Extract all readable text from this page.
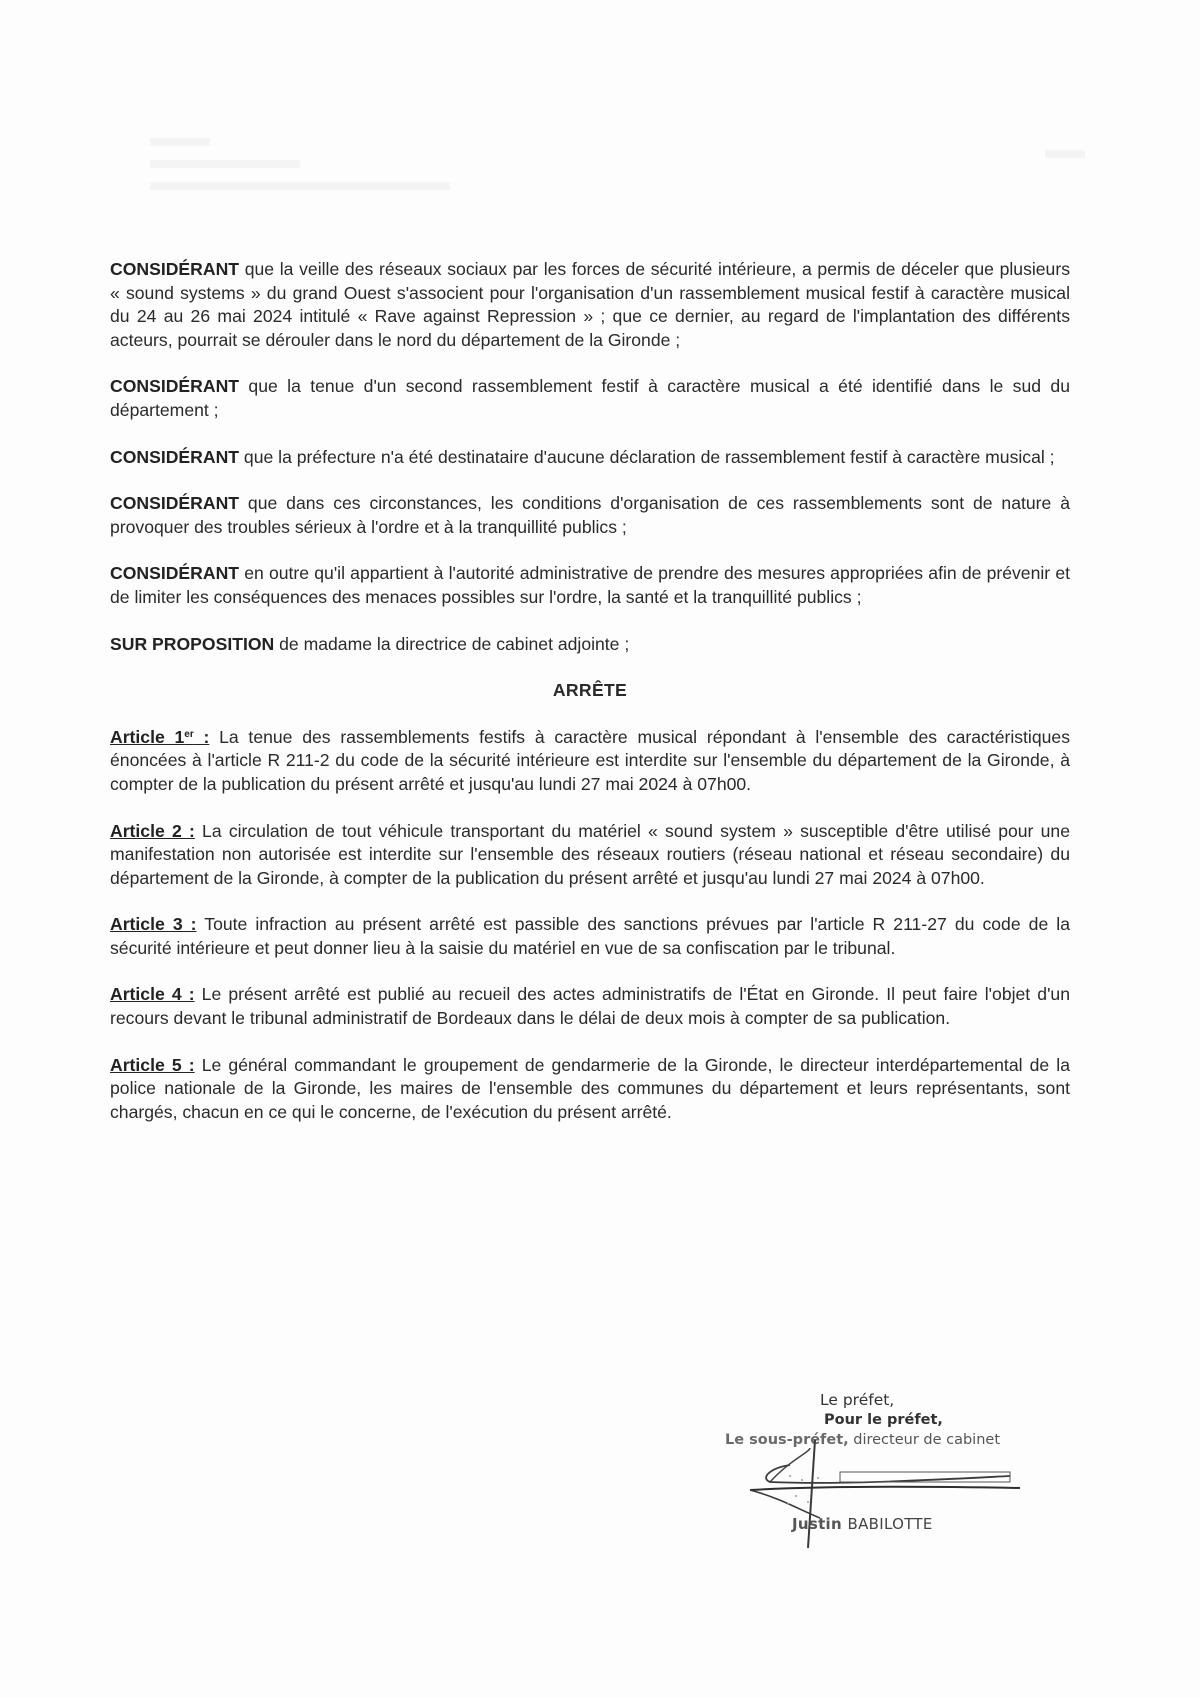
CONSIDÉRANT que la veille des réseaux sociaux par les forces de sécurité intérieure, a permis de déceler que plusieurs « sound systems » du grand Ouest s'associent pour l'organisation d'un rassemblement musical festif à caractère musical du 24 au 26 mai 2024 intitulé « Rave against Repression » ; que ce dernier, au regard de l'implantation des différents acteurs, pourrait se dérouler dans le nord du département de la Gironde ;

CONSIDÉRANT que la tenue d'un second rassemblement festif à caractère musical a été identifié dans le sud du département ;

CONSIDÉRANT que la préfecture n'a été destinataire d'aucune déclaration de rassemblement festif à caractère musical ;

CONSIDÉRANT que dans ces circonstances, les conditions d'organisation de ces rassemblements sont de nature à provoquer des troubles sérieux à l'ordre et à la tranquillité publics ;

CONSIDÉRANT en outre qu'il appartient à l'autorité administrative de prendre des mesures appropriées afin de prévenir et de limiter les conséquences des menaces possibles sur l'ordre, la santé et la tranquillité publics ;

SUR PROPOSITION de madame la directrice de cabinet adjointe ;

ARRÊTE

Article 1er : La tenue des rassemblements festifs à caractère musical répondant à l'ensemble des caractéristiques énoncées à l'article R 211-2 du code de la sécurité intérieure est interdite sur l'ensemble du département de la Gironde, à compter de la publication du présent arrêté et jusqu'au lundi 27 mai 2024 à 07h00.

Article 2 : La circulation de tout véhicule transportant du matériel « sound system » susceptible d'être utilisé pour une manifestation non autorisée est interdite sur l'ensemble des réseaux routiers (réseau national et réseau secondaire) du département de la Gironde, à compter de la publication du présent arrêté et jusqu'au lundi 27 mai 2024 à 07h00.

Article 3 : Toute infraction au présent arrêté est passible des sanctions prévues par l'article R 211-27 du code de la sécurité intérieure et peut donner lieu à la saisie du matériel en vue de sa confiscation par le tribunal.

Article 4 : Le présent arrêté est publié au recueil des actes administratifs de l'État en Gironde. Il peut faire l'objet d'un recours devant le tribunal administratif de Bordeaux dans le délai de deux mois à compter de sa publication.

Article 5 : Le général commandant le groupement de gendarmerie de la Gironde, le directeur interdépartemental de la police nationale de la Gironde, les maires de l'ensemble des communes du département et leurs représentants, sont chargés, chacun en ce qui le concerne, de l'exécution du présent arrêté.

Le préfet,
Pour le préfet,
Le sous-préfet, directeur de cabinet
Justin BABILOTTE
